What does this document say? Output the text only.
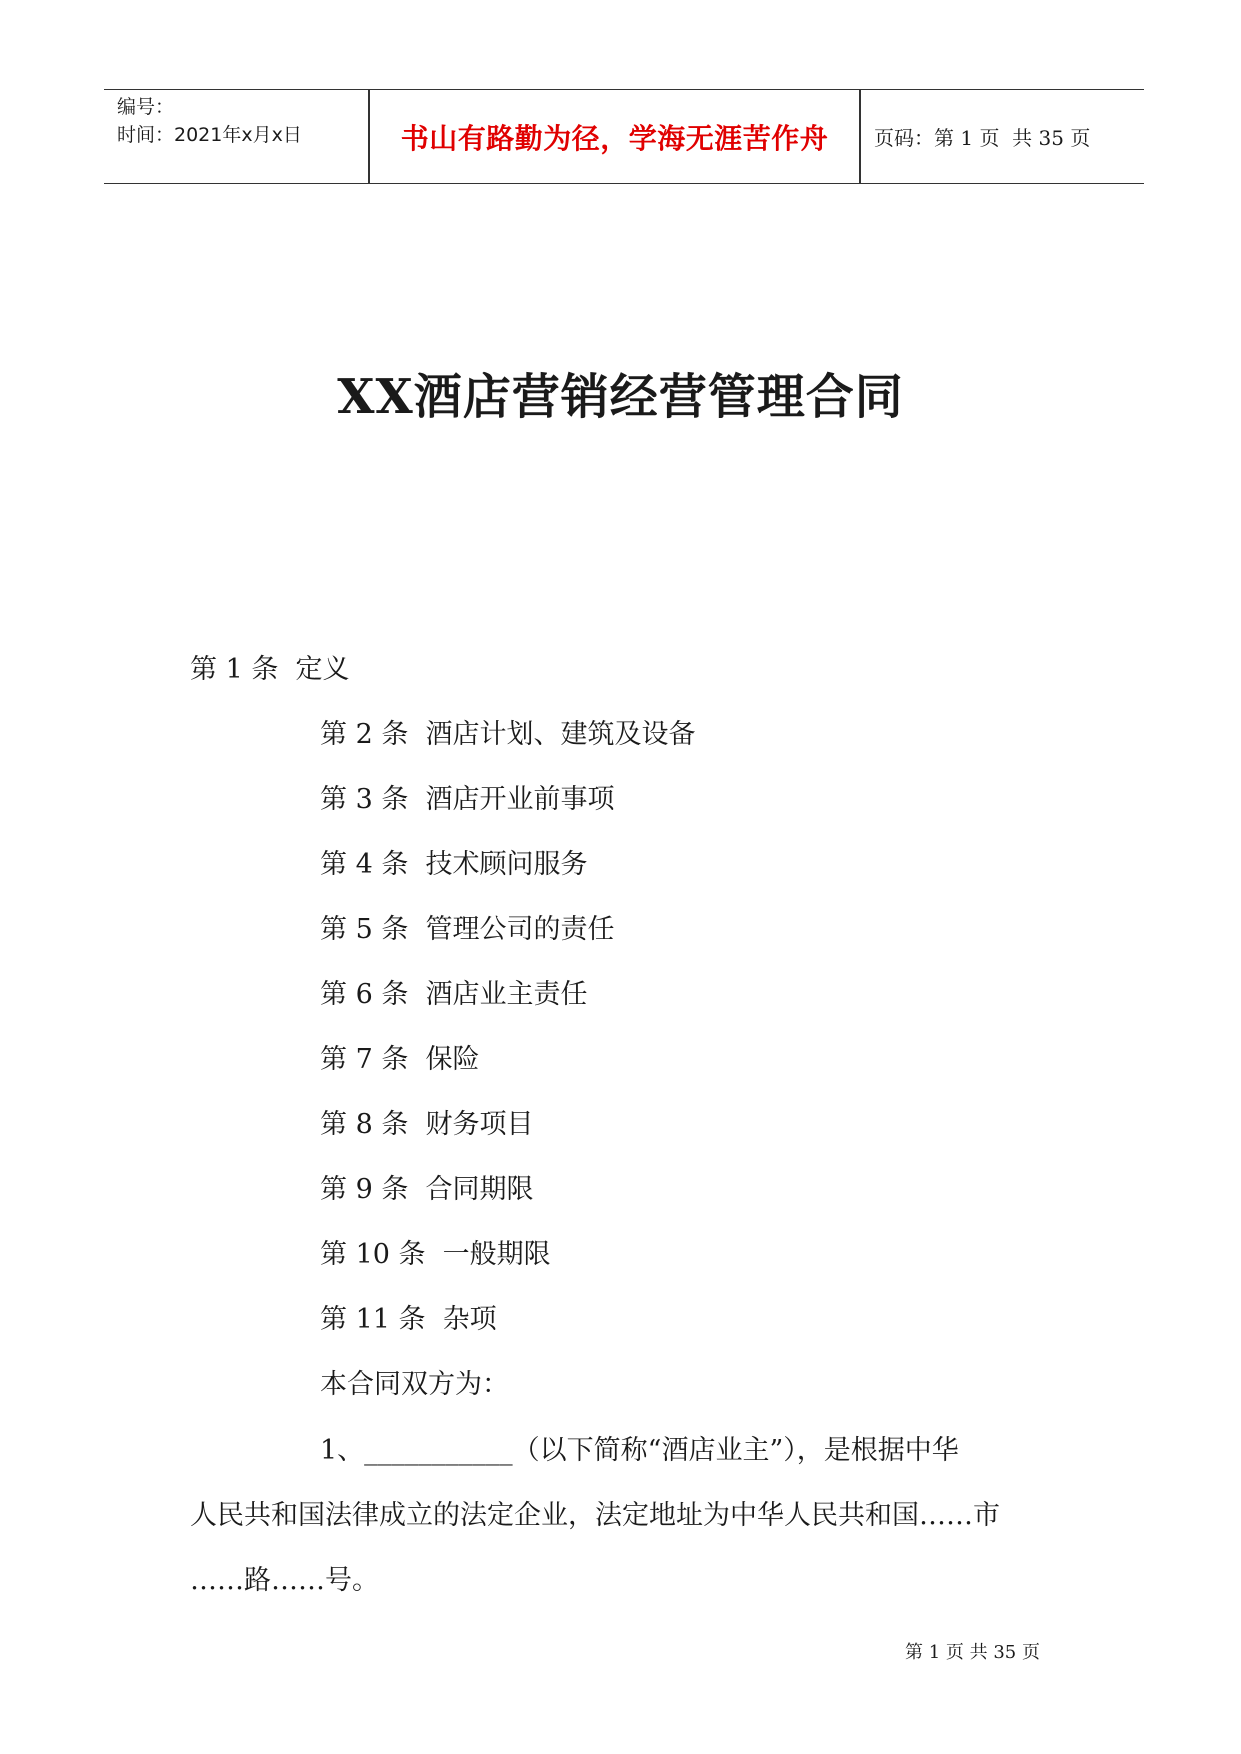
编号：
时间：2021年x月x日	书山有路勤为径，学海无涯苦作舟	页码：第 1 页  共 35 页
XX酒店营销经营管理合同
第 1 条  定义
第 2 条  酒店计划、建筑及设备
第 3 条  酒店开业前事项
第 4 条  技术顾问服务
第 5 条  管理公司的责任
第 6 条  酒店业主责任
第 7 条  保险
第 8 条  财务项目
第 9 条  合同期限
第 10 条  一般期限
第 11 条  杂项
本合同双方为：
1、___________（以下简称“酒店业主”），是根据中华
人民共和国法律成立的法定企业，法定地址为中华人民共和国……市
……路……号。
第 1 页 共 35 页
